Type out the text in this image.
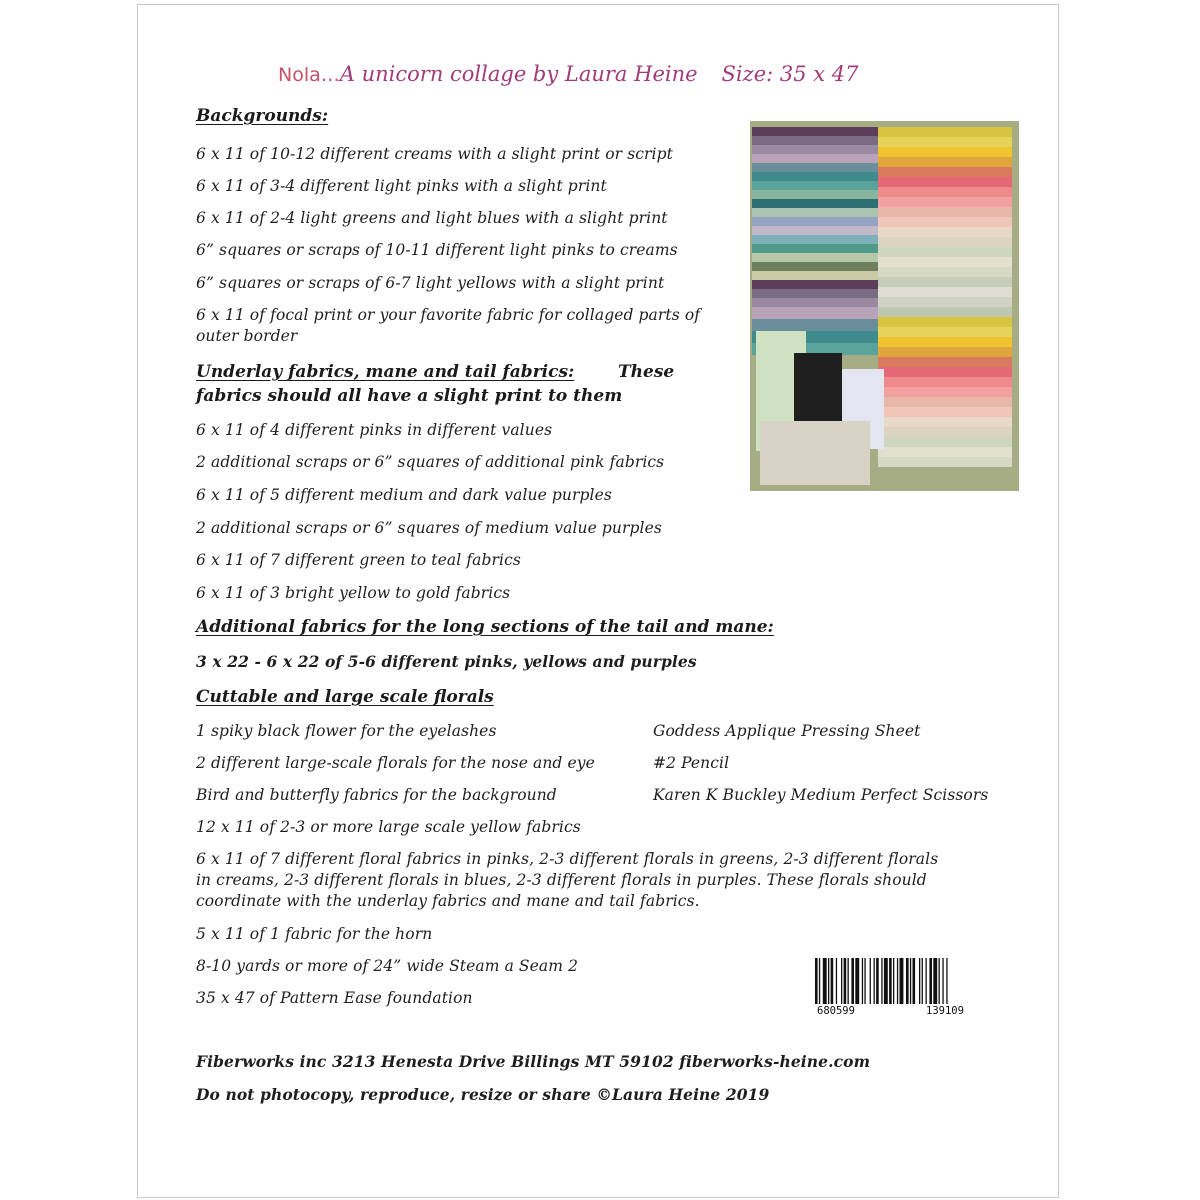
Nola…A unicorn collage by Laura Heine Size: 35 x 47
Backgrounds:
6 x 11 of 10-12 different creams with a slight print or script
6 x 11 of 3-4 different light pinks with a slight print
6 x 11 of 2-4 light greens and light blues with a slight print
6” squares or scraps of 10-11 different light pinks to creams
6” squares or scraps of 6-7 light yellows with a slight print
6 x 11 of focal print or your favorite fabric for collaged parts of
outer border
Underlay fabrics, mane and tail fabrics:	These
fabrics should all have a slight print to them
6 x 11 of 4 different pinks in different values
2 additional scraps or 6” squares of additional pink fabrics
6 x 11 of 5 different medium and dark value purples
2 additional scraps or 6” squares of medium value purples
6 x 11 of 7 different green to teal fabrics
6 x 11 of 3 bright yellow to gold fabrics
Additional fabrics for the long sections of the tail and mane:
3 x 22 - 6 x 22 of 5-6 different pinks, yellows and purples
Cuttable and large scale florals
1 spiky black flower for the eyelashes
2 different large-scale florals for the nose and eye
Bird and butterfly fabrics for the background
12 x 11 of 2-3 or more large scale yellow fabrics
6 x 11 of 7 different floral fabrics in pinks, 2-3 different florals in greens, 2-3 different florals
in creams, 2-3 different florals in blues, 2-3 different florals in purples. These florals should
coordinate with the underlay fabrics and mane and tail fabrics.
5 x 11 of 1 fabric for the horn
8-10 yards or more of 24” wide Steam a Seam 2
35 x 47 of Pattern Ease foundation
Goddess Applique Pressing Sheet
#2 Pencil
Karen K Buckley Medium Perfect Scissors
680599	139109
Fiberworks inc 3213 Henesta Drive Billings MT 59102 fiberworks-heine.com
Do not photocopy, reproduce, resize or share ©Laura Heine 2019
